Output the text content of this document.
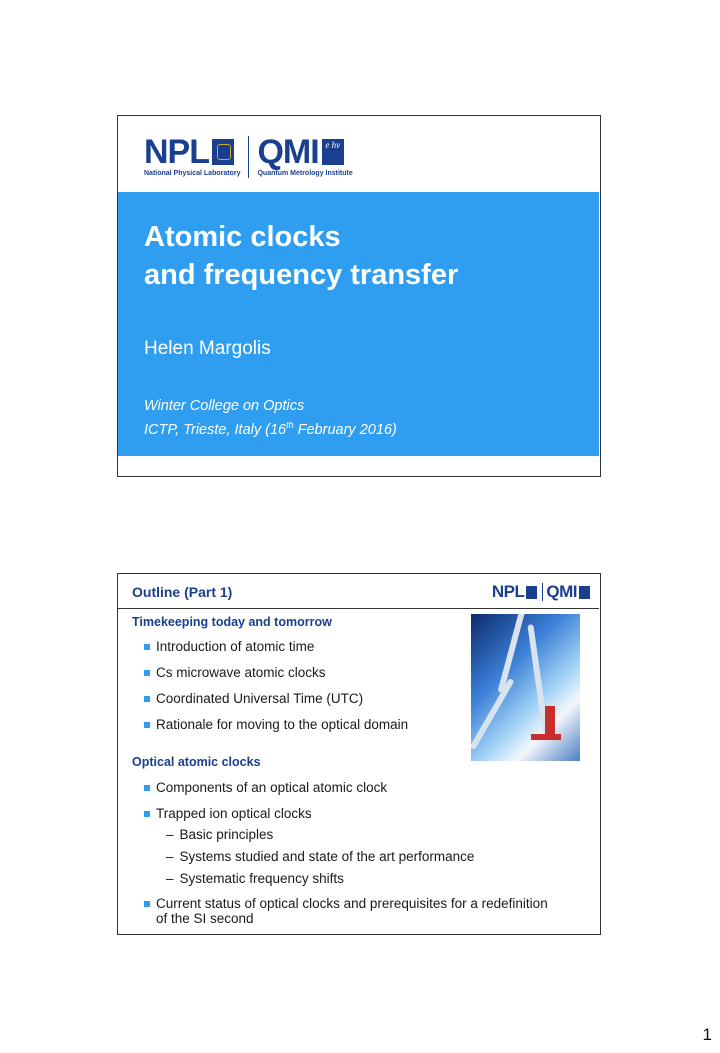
NPL
National Physical Laboratory
QMI e hv
Quantum Metrology Institute
Atomic clocks
and frequency transfer
Helen Margolis
Winter College on Optics
ICTP, Trieste, Italy (16th February 2016)
Outline (Part 1)	NPL QMI
Timekeeping today and tomorrow
Introduction of atomic time
Cs microwave atomic clocks
Coordinated Universal Time (UTC)
Rationale for moving to the optical domain
Optical atomic clocks
Components of an optical atomic clock
Trapped ion optical clocks
– Basic principles
– Systems studied and state of the art performance
– Systematic frequency shifts
Current status of optical clocks and prerequisites for a redefinition
of the SI second
1
